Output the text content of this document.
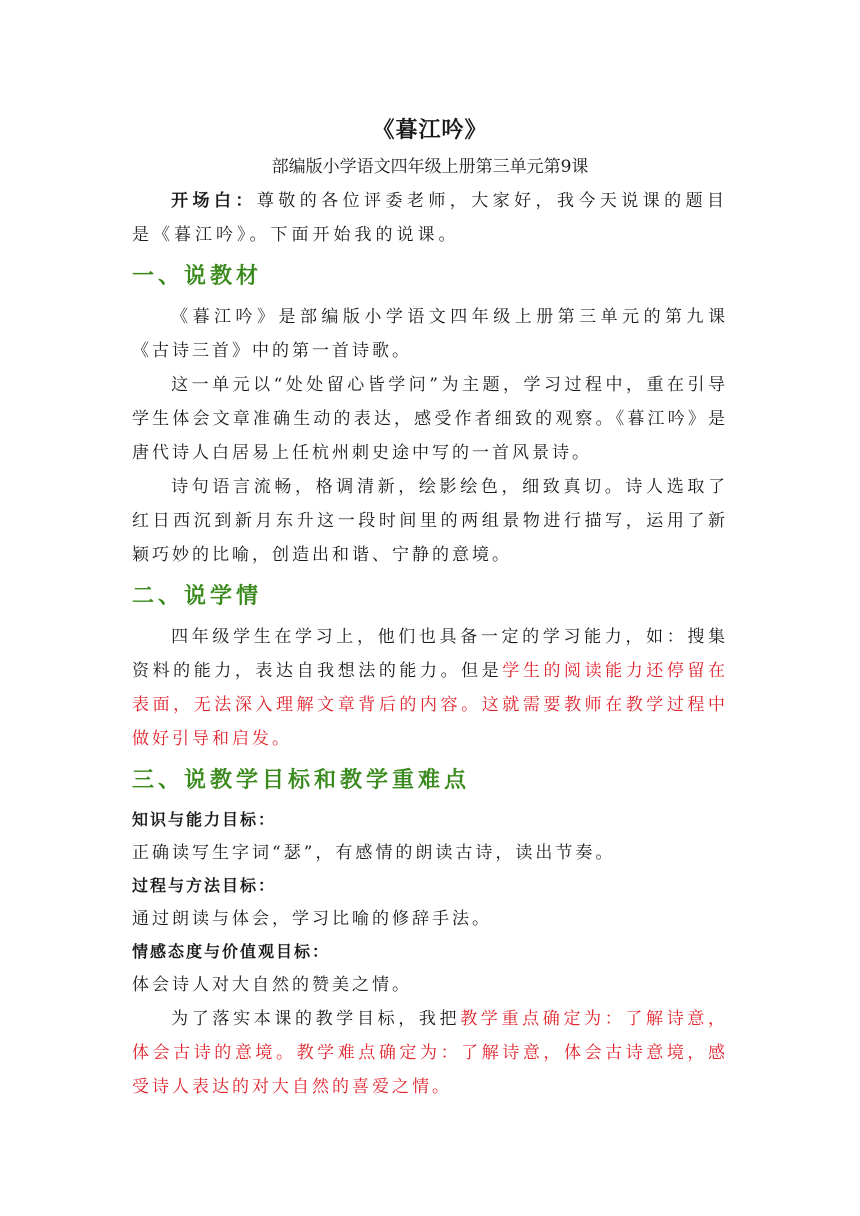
《暮江吟》
部编版小学语文四年级上册第三单元第9课

开场白：尊敬的各位评委老师，大家好，我今天说课的题目是《暮江吟》。下面开始我的说课。

一、说教材

《暮江吟》是部编版小学语文四年级上册第三单元的第九课《古诗三首》中的第一首诗歌。

这一单元以“处处留心皆学问”为主题，学习过程中，重在引导学生体会文章准确生动的表达，感受作者细致的观察。《暮江吟》是唐代诗人白居易上任杭州刺史途中写的一首风景诗。

诗句语言流畅，格调清新，绘影绘色，细致真切。诗人选取了红日西沉到新月东升这一段时间里的两组景物进行描写，运用了新颖巧妙的比喻，创造出和谐、宁静的意境。

二、说学情

四年级学生在学习上，他们也具备一定的学习能力，如：搜集资料的能力，表达自我想法的能力。但是学生的阅读能力还停留在表面，无法深入理解文章背后的内容。这就需要教师在教学过程中做好引导和启发。

三、说教学目标和教学重难点

知识与能力目标：

正确读写生字词“瑟”，有感情的朗读古诗，读出节奏。

过程与方法目标：

通过朗读与体会，学习比喻的修辞手法。

情感态度与价值观目标：

体会诗人对大自然的赞美之情。

为了落实本课的教学目标，我把教学重点确定为：了解诗意，体会古诗的意境。教学难点确定为：了解诗意，体会古诗意境，感受诗人表达的对大自然的喜爱之情。
